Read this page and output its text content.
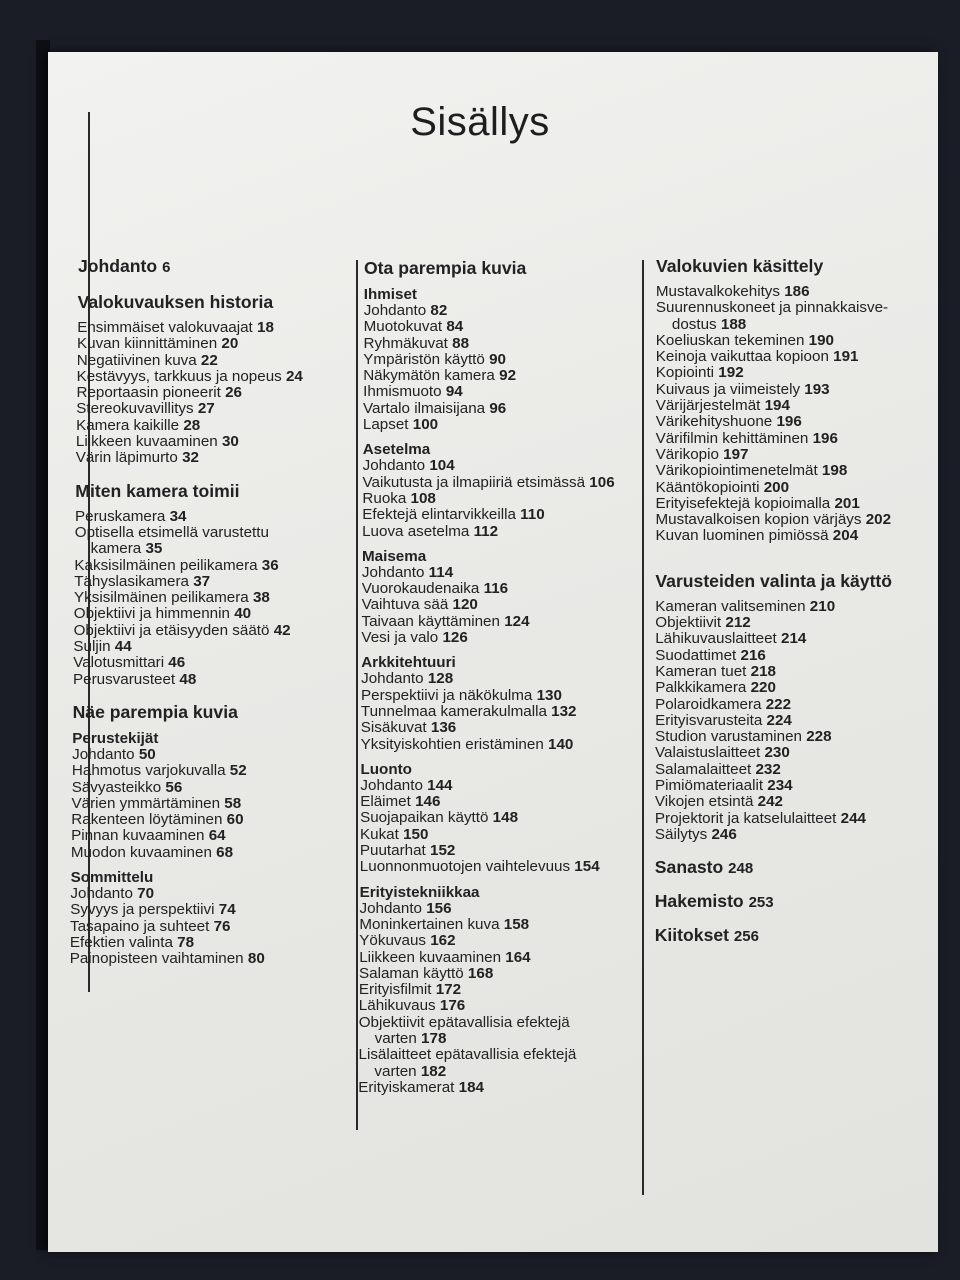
Sisällys
Johdanto 6
Valokuvauksen historia
Ensimmäiset valokuvaajat 18
Kuvan kiinnittäminen 20
Negatiivinen kuva 22
Kestävyys, tarkkuus ja nopeus 24
Reportaasin pioneerit 26
Stereokuvavillitys 27
Kamera kaikille 28
Liikkeen kuvaaminen 30
Värin läpimurto 32
Miten kamera toimii
Peruskamera 34
Optisella etsimellä varustettu
kamera 35
Kaksisilmäinen peilikamera 36
Tähyslasikamera 37
Yksisilmäinen peilikamera 38
Objektiivi ja himmennin 40
Objektiivi ja etäisyyden säätö 42
Suljin 44
Valotusmittari 46
Perusvarusteet 48
Näe parempia kuvia
Perustekijät
Johdanto 50
Hahmotus varjokuvalla 52
Sävyasteikko 56
Värien ymmärtäminen 58
Rakenteen löytäminen 60
Pinnan kuvaaminen 64
Muodon kuvaaminen 68
Sommittelu
Johdanto 70
Syvyys ja perspektiivi 74
Tasapaino ja suhteet 76
Efektien valinta 78
Painopisteen vaihtaminen 80
Ota parempia kuvia
Ihmiset
Johdanto 82
Muotokuvat 84
Ryhmäkuvat 88
Ympäristön käyttö 90
Näkymätön kamera 92
Ihmismuoto 94
Vartalo ilmaisijana 96
Lapset 100
Asetelma
Johdanto 104
Vaikutusta ja ilmapiiriä etsimässä 106
Ruoka 108
Efektejä elintarvikkeilla 110
Luova asetelma 112
Maisema
Johdanto 114
Vuorokaudenaika 116
Vaihtuva sää 120
Taivaan käyttäminen 124
Vesi ja valo 126
Arkkitehtuuri
Johdanto 128
Perspektiivi ja näkökulma 130
Tunnelmaa kamerakulmalla 132
Sisäkuvat 136
Yksityiskohtien eristäminen 140
Luonto
Johdanto 144
Eläimet 146
Suojapaikan käyttö 148
Kukat 150
Puutarhat 152
Luonnonmuotojen vaihtelevuus 154
Erityistekniikkaa
Johdanto 156
Moninkertainen kuva 158
Yökuvaus 162
Liikkeen kuvaaminen 164
Salaman käyttö 168
Erityisfilmit 172
Lähikuvaus 176
Objektiivit epätavallisia efektejä
varten 178
Lisälaitteet epätavallisia efektejä
varten 182
Erityiskamerat 184
Valokuvien käsittely
Mustavalkokehitys 186
Suurennuskoneet ja pinnakkaisve-
dostus 188
Koeliuskan tekeminen 190
Keinoja vaikuttaa kopioon 191
Kopiointi 192
Kuivaus ja viimeistely 193
Värijärjestelmät 194
Värikehityshuone 196
Värifilmin kehittäminen 196
Värikopio 197
Värikopiointimenetelmät 198
Kääntökopiointi 200
Erityisefektejä kopioimalla 201
Mustavalkoisen kopion värjäys 202
Kuvan luominen pimiössä 204
Varusteiden valinta ja käyttö
Kameran valitseminen 210
Objektiivit 212
Lähikuvauslaitteet 214
Suodattimet 216
Kameran tuet 218
Palkkikamera 220
Polaroidkamera 222
Erityisvarusteita 224
Studion varustaminen 228
Valaistuslaitteet 230
Salamalaitteet 232
Pimiömateriaalit 234
Vikojen etsintä 242
Projektorit ja katselulaitteet 244
Säilytys 246
Sanasto 248
Hakemisto 253
Kiitokset 256
